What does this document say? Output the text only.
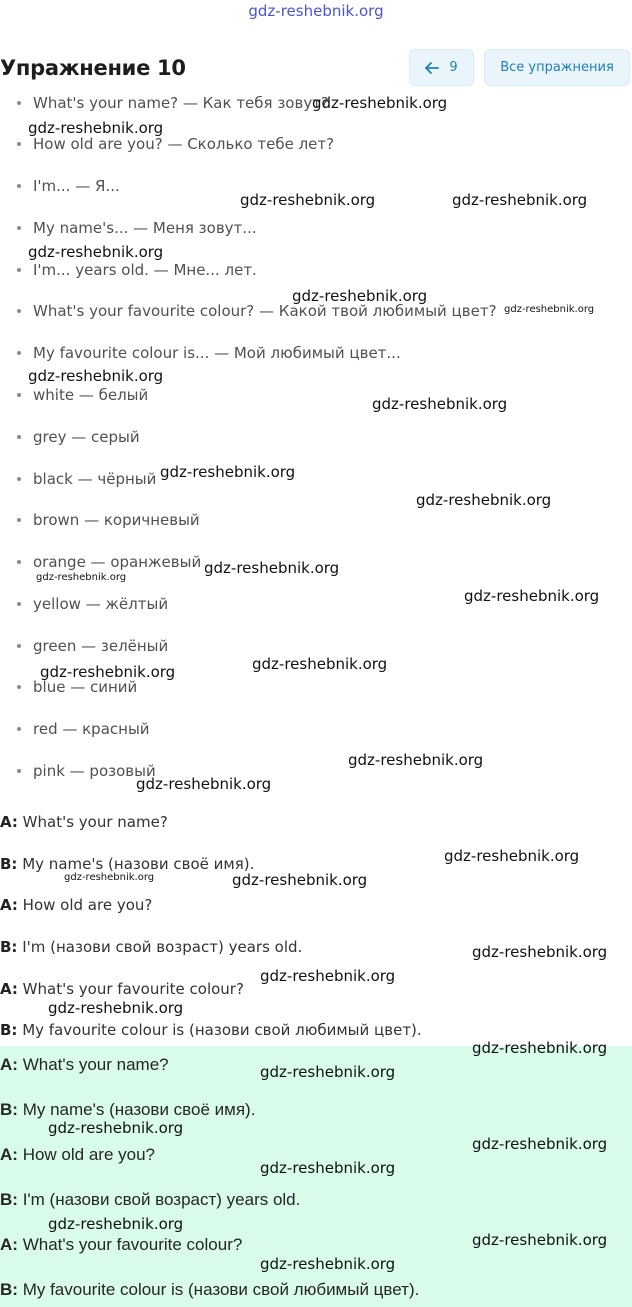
gdz-reshebnik.org
Упражнение 10	9	Все упражнения
What's your name? — Как тебя зовут?
How old are you? — Сколько тебе лет?
I'm... — Я...
My name's... — Меня зовут...
I'm... years old. — Мне... лет.
What's your favourite colour? — Какой твой любимый цвет?
My favourite colour is... — Мой любимый цвет...
white — белый
grey — серый
black — чёрный
brown — коричневый
orange — оранжевый
yellow — жёлтый
green — зелёный
blue — синий
red — красный
pink — розовый
A: What's your name?
B: My name's (назови своё имя).
A: How old are you?
B: I'm (назови свой возраст) years old.
A: What's your favourite colour?
B: My favourite colour is (назови свой любимый цвет).
A: What's your name?
B: My name's (назови своё имя).
A: How old are you?
B: I'm (назови свой возраст) years old.
A: What's your favourite colour?
B: My favourite colour is (назови свой любимый цвет).
gdz-reshebnik.org
gdz-reshebnik.org
gdz-reshebnik.org	gdz-reshebnik.org
gdz-reshebnik.org
gdz-reshebnik.org
gdz-reshebnik.org
gdz-reshebnik.org
gdz-reshebnik.org
gdz-reshebnik.org
gdz-reshebnik.org
gdz-reshebnik.org
gdz-reshebnik.org
gdz-reshebnik.org
gdz-reshebnik.org
gdz-reshebnik.org
gdz-reshebnik.org
gdz-reshebnik.org
gdz-reshebnik.org
gdz-reshebnik.org	gdz-reshebnik.org
gdz-reshebnik.org
gdz-reshebnik.org
gdz-reshebnik.org
gdz-reshebnik.org
gdz-reshebnik.org
gdz-reshebnik.org
gdz-reshebnik.org
gdz-reshebnik.org
gdz-reshebnik.org
gdz-reshebnik.org
gdz-reshebnik.org
